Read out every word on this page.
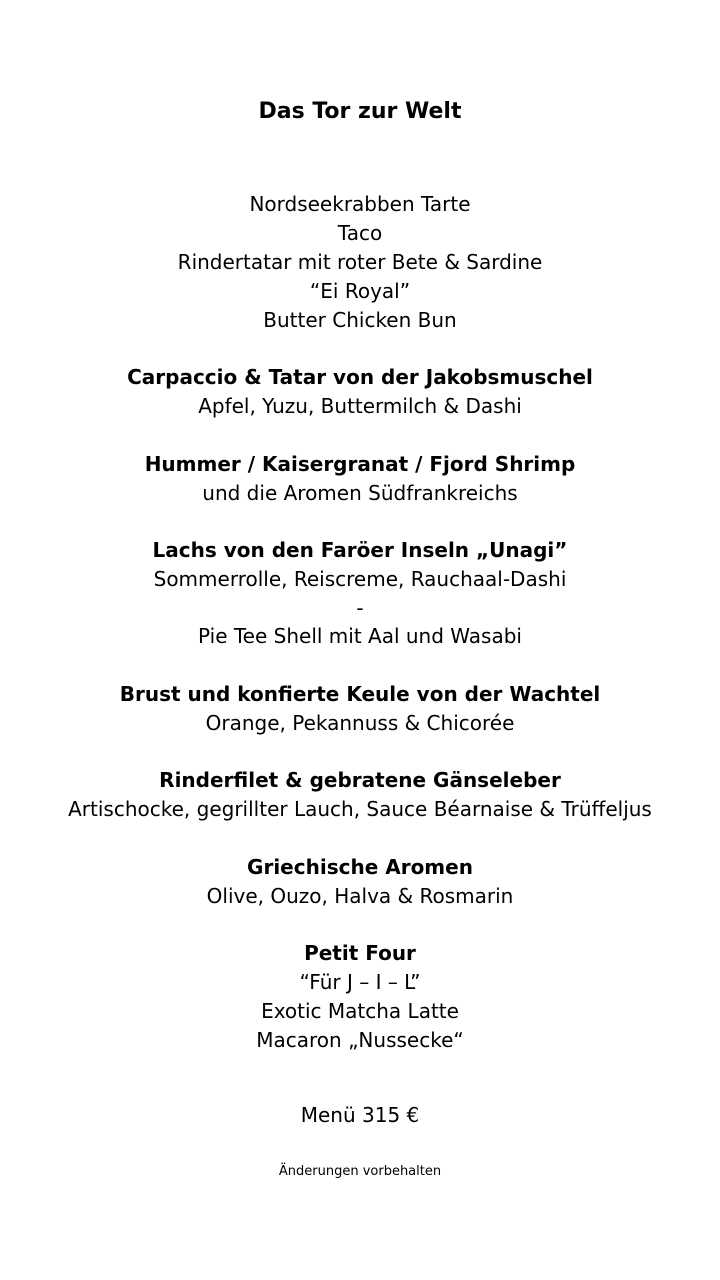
Das Tor zur Welt
Nordseekrabben Tarte
Taco
Rindertatar mit roter Bete & Sardine
“Ei Royal”
Butter Chicken Bun
Carpaccio & Tatar von der Jakobsmuschel
Apfel, Yuzu, Buttermilch & Dashi
Hummer / Kaisergranat / Fjord Shrimp
und die Aromen Südfrankreichs
Lachs von den Faröer Inseln „Unagi”
Sommerrolle, Reiscreme, Rauchaal-Dashi
-
Pie Tee Shell mit Aal und Wasabi
Brust und konfierte Keule von der Wachtel
Orange, Pekannuss & Chicorée
Rinderfilet & gebratene Gänseleber
Artischocke, gegrillter Lauch, Sauce Béarnaise & Trüffeljus
Griechische Aromen
Olive, Ouzo, Halva & Rosmarin
Petit Four
“Für J – I – L”
Exotic Matcha Latte
Macaron „Nussecke“
Menü 315 €
Änderungen vorbehalten
